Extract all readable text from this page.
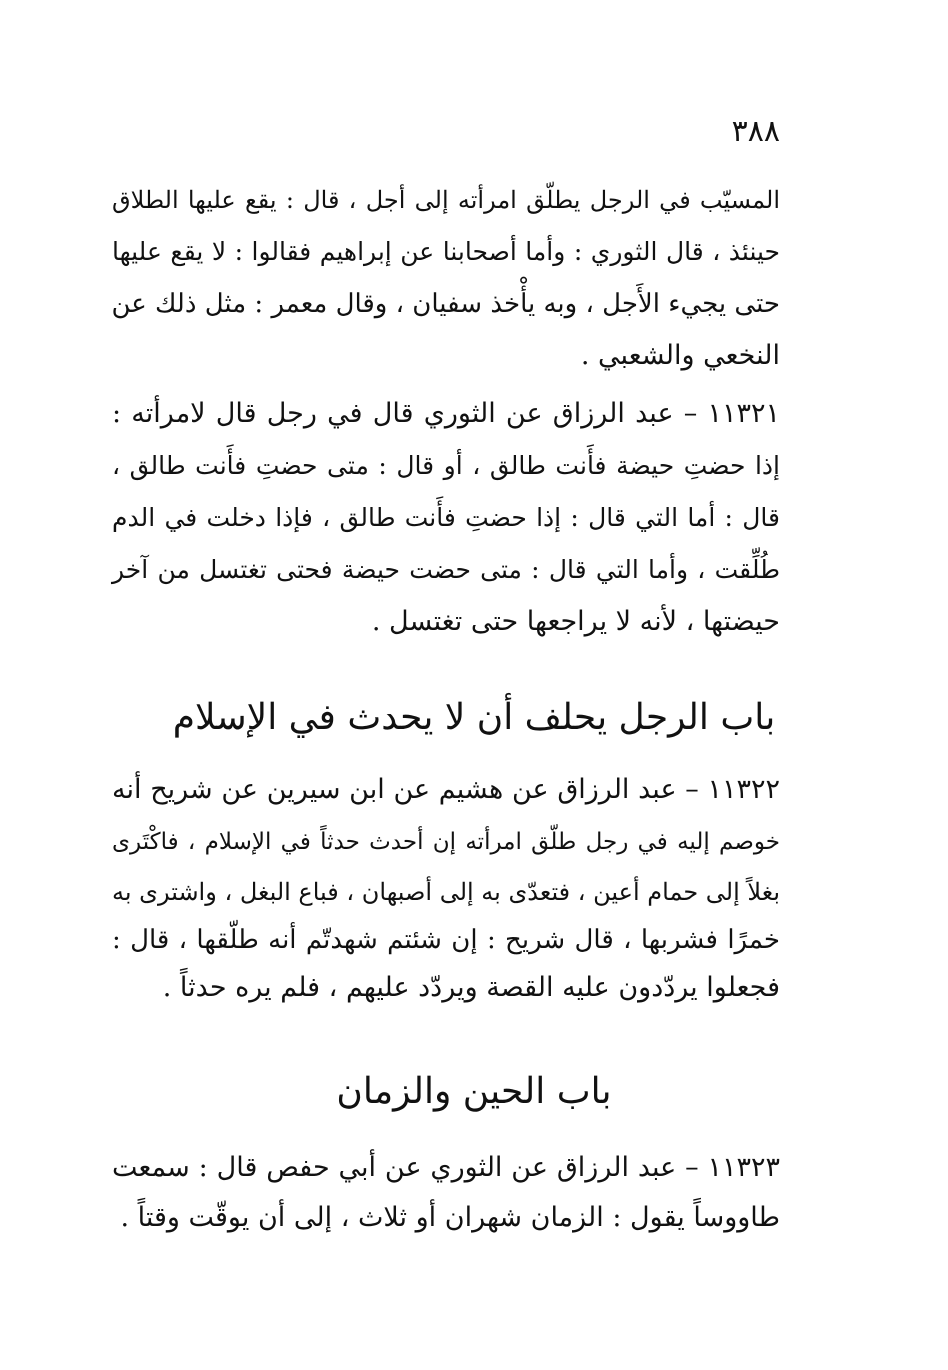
٣٨٨
المسيّب في الرجل يطلّق امرأته إلى أجل ، قال : يقع عليها الطلاق
حينئذ ، قال الثوري : وأما أصحابنا عن إبراهيم فقالوا : لا يقع عليها
حتى يجيء الأَجل ، وبه يأْخذ سفيان ، وقال معمر : مثل ذلك عن
النخعي والشعبي .
١١٣٢١ – عبد الرزاق عن الثوري قال في رجل قال لامرأته :
إذا حضتِ حيضة فأَنت طالق ، أو قال : متى حضتِ فأَنت طالق ،
قال : أما التي قال : إذا حضتِ فأَنت طالق ، فإذا دخلت في الدم
طُلِّقت ، وأما التي قال : متى حضت حيضة فحتى تغتسل من آخر
حيضتها ، لأنه لا يراجعها حتى تغتسل .
باب الرجل يحلف أن لا يحدث في الإسلام
١١٣٢٢ – عبد الرزاق عن هشيم عن ابن سيرين عن شريح أنه
خوصم إليه في رجل طلّق امرأته إن أحدث حدثاً في الإسلام ، فاكْتَرى
بغلاً إلى حمام أعين ، فتعدّى به إلى أصبهان ، فباع البغل ، واشترى به
خمرًا فشربها ، قال شريح : إن شئتم شهدتّم أنه طلّقها ، قال :
فجعلوا يردّدون عليه القصة ويردّد عليهم ، فلم يره حدثاً .
باب الحين والزمان
١١٣٢٣ – عبد الرزاق عن الثوري عن أبي حفص قال : سمعت
طاووساً يقول : الزمان شهران أو ثلاث ، إلى أن يوقّت وقتاً .
